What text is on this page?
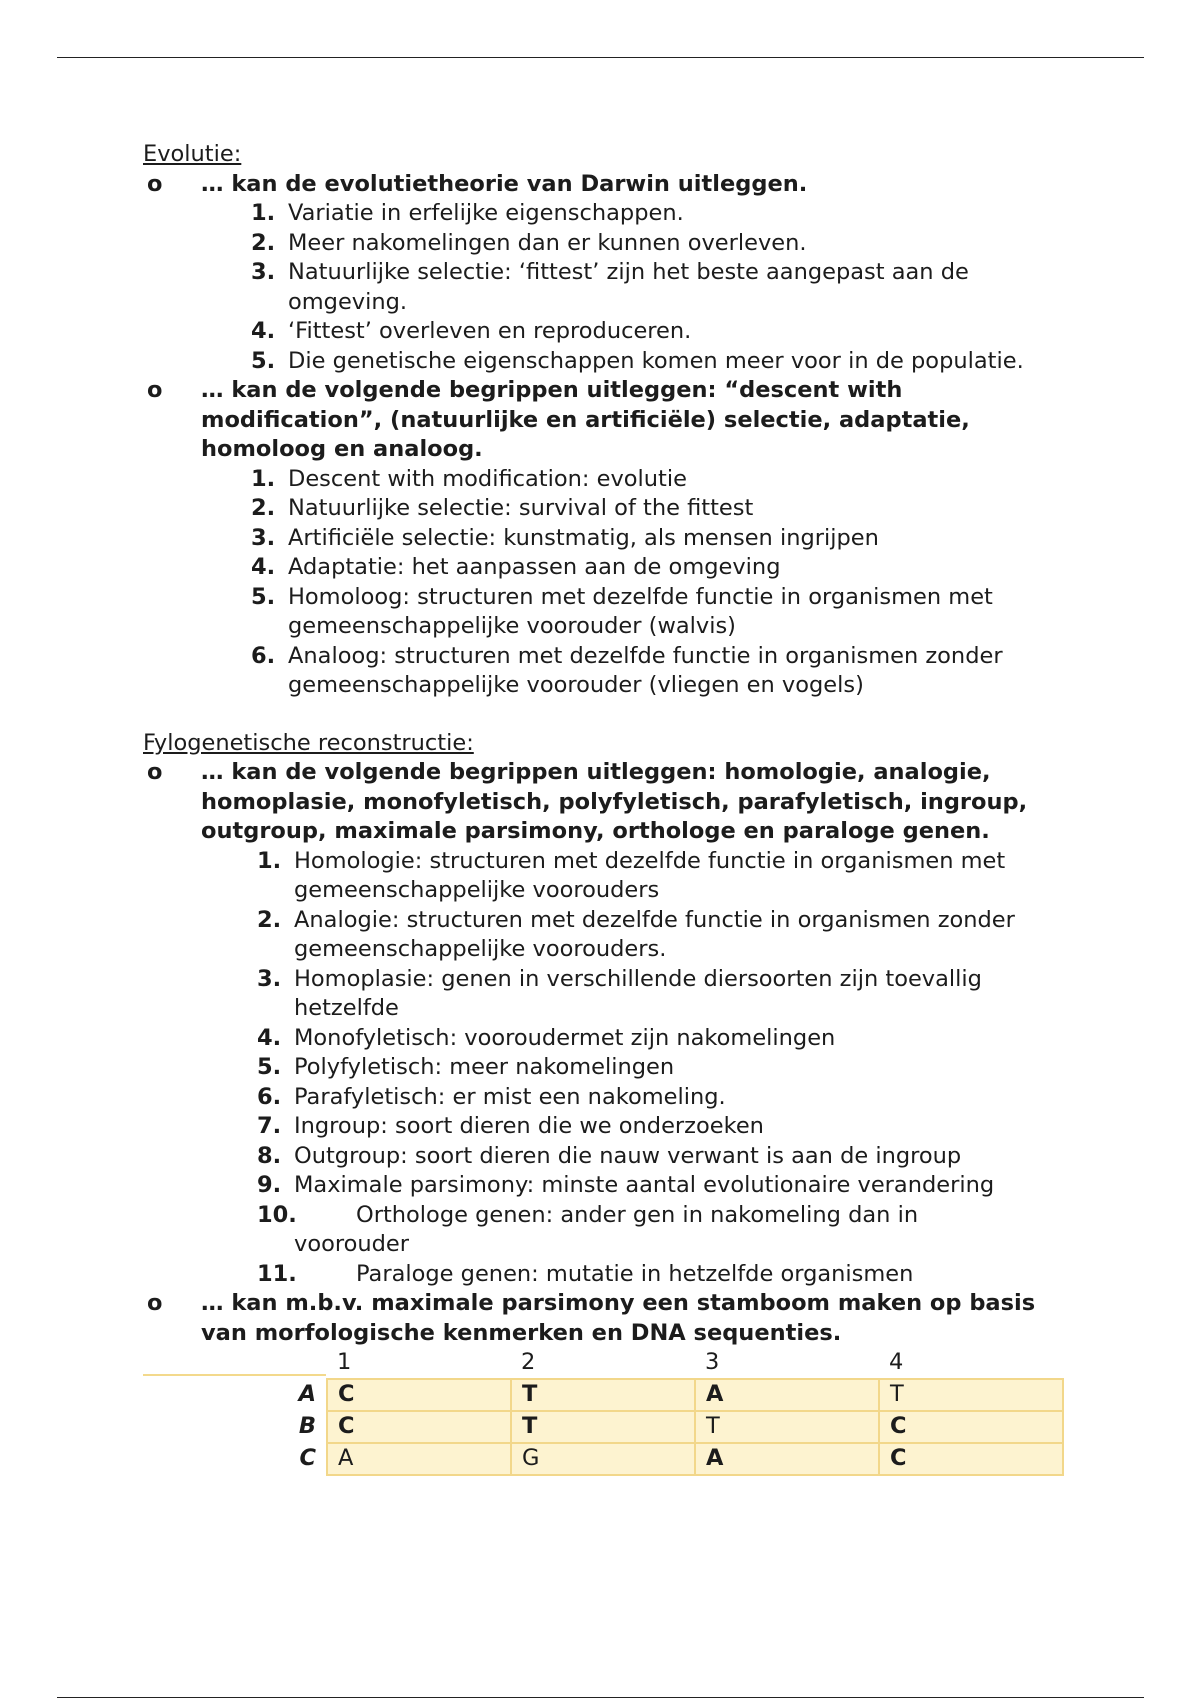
Evolutie:

o … kan de evolutietheorie van Darwin uitleggen.
1. Variatie in erfelijke eigenschappen.
2. Meer nakomelingen dan er kunnen overleven.
3. Natuurlijke selectie: ‘fittest’ zijn het beste aangepast aan de omgeving.
4. ‘Fittest’ overleven en reproduceren.
5. Die genetische eigenschappen komen meer voor in de populatie.
o … kan de volgende begrippen uitleggen: “descent with modification”, (natuurlijke en artificiële) selectie, adaptatie, homoloog en analoog.
1. Descent with modification: evolutie
2. Natuurlijke selectie: survival of the fittest
3. Artificiële selectie: kunstmatig, als mensen ingrijpen
4. Adaptatie: het aanpassen aan de omgeving
5. Homoloog: structuren met dezelfde functie in organismen met gemeenschappelijke voorouder (walvis)
6. Analoog: structuren met dezelfde functie in organismen zonder gemeenschappelijke voorouder (vliegen en vogels)

Fylogenetische reconstructie:

o … kan de volgende begrippen uitleggen: homologie, analogie, homoplasie, monofyletisch, polyfyletisch, parafyletisch, ingroup, outgroup, maximale parsimony, orthologe en paraloge genen.
1. Homologie: structuren met dezelfde functie in organismen met gemeenschappelijke voorouders
2. Analogie: structuren met dezelfde functie in organismen zonder gemeenschappelijke voorouders.
3. Homoplasie: genen in verschillende diersoorten zijn toevallig hetzelfde
4. Monofyletisch: vooroudermet zijn nakomelingen
5. Polyfyletisch: meer nakomelingen
6. Parafyletisch: er mist een nakomeling.
7. Ingroup: soort dieren die we onderzoeken
8. Outgroup: soort dieren die nauw verwant is aan de ingroup
9. Maximale parsimony: minste aantal evolutionaire verandering
10.	Orthologe genen: ander gen in nakomeling dan in
voorouder
11.	Paraloge genen: mutatie in hetzelfde organismen
o … kan m.b.v. maximale parsimony een stamboom maken op basis van morfologische kenmerken en DNA sequenties.
	1	2	3	4
A	C	T	A	T
B	C	T	T	C
C	A	G	A	C
